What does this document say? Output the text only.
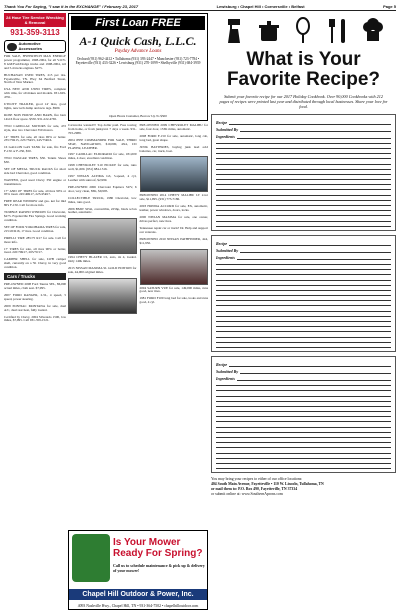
Thank You For Saying, "I saw it in the EXCHANGE" / February 23, 2017	Lewisburg • Chapel Hill • Cornersville • Belfast	Page 5
24 Hour Tire Service Wrecking & Removal
931-359-3113
Automotive Accessories
FOR SALE, HYPERTECH MAX ENERGY power programmer, 1998-2004, for all V-6/V-8 GM/Ford/Dodge trucks and 1998-2004, 4.6 and 5.4 trucks engines. $275.
BUCHANAN USED TIRES, 215 per tire. Fayetteville, TN. Hwy 64 Bedford Street, North of New Market.
USA NEW AND USED TIRES, complete with rims, for all makes and models. 931-629-4791.
UTILITY TRAILER, good 14' tires, good lights, new tech dump and new tags. $900.
ROSE NON HOUSE AND BARN, fire barn 14x16 floor space. $550. 931-222-4765.
TWO CADILLAC MOTORS for sale, 472 style, also two Chevrolet 350 motors.
14" TIRES for sale, all tires 90% or better. 235/75R15, 225/75R15, 245/75R16.
16 GALLON GAS TANK for sale, fits Ford F-150 or F-250, $50.
TWO NASCAR TIRES, $50. Tennis Shoes $30.
SET OF METAL TRUCK RACKS for short side bed Chevrolet, good condition.
WANTED, good used Chevy 350 engine or transmission.
17" AND 18" TIRES for sale, all tires 90% or 95% tread. 245/40R17, 225/45R17.
FREE REAR WINDOW and gas- ket for mid 80's F-150. Call for more info.
TUMBLE RAISED WINDOW for Chevrolet, $275. Fayetteville Fire Springs. Good working condition.
SET OF FOUR YOKOHAMA TIRES for sale, 215/45/R16, 17 tires. Good condition.
PIRELLI TIRE 285/75 R17 for sale. Call for more info.
17' TIRES for sale, all tires 90% or better, tread. 245/70R17, 265/70/17.
CAMPER SHELL for sale, LWB camper shell, currently on a '91 Chevy, in very good condition.
Cars / Trucks
PRE-OWNED 2008 Ford Taurus SEL, 86,000 actual miles, cloth seat. $7,995.
2007 FORD RANGER, 2.3L, 4 speed, 5 speed, power steering.
2009 PONTIAC MONTANA for sale, dual A/C, dual rear heat, fully loaded.
Certified by Chevy, 2004 Silverado 1500, low miles, $7,995. Call 931-359-1521.
First Loan FREE
A-1 Quick Cash, L.L.C.
Payday Advance Loans
Orchard (931) 962-4412 • Tullahoma (931) 393-2447 • Manchester (931) 723-7784 • Fayetteville (931) 433-3226 • Lewisburg (931) 270-1099 • Shelbyville (931) 684-3939
Open Hours Customer, Borrow Up To $500
Carwrecks wanted!!! Top dollar paid. Free towing from home, or from junkyard. 7 days a week. 931-703-2989.
2004 JEEP COMMANDER FOR SALE, THIRD SEAT, NAVIGATION, $10,000, 4X4, CD PLAYER, LEATHER.
1997 CADILLAC ELDORADO for sale, 181,000 miles, 4 door, excellent condition.
1998 CHEVROLET S10 PICKUP for sale, runs well, $1,600. (931) 684-1316.
1997 NISSAN ALTIMA GS, 5-speed, 4 cyl, Leather with sunroof, $2,999.
PRE-OWNED 2006 Chevrolet Equinox SUV, 6 door, very clean, 83K, $9,995.
COLLECTIBLE TRUCK, 1980 Chevrolet, low miles, runs good.
2006 BMW 325xi, convertible, 225hp, black w/tan leather, automatic.
1994 CHEVY BLAZER LS, auto, 4x 4, loaded. Only 140k miles.
2015 NISSAN MAXIMA SL GOLD EDITION for sale, 44,000 original miles.
PRE-OWNED 2009 CHEVROLET MALIBU for sale, four door, 133K miles, automatic.
2008 FORD F-150 for sale, automatic, long cab, long bed, great shape.
JUNK BATTERIES, buying junk lead acid batteries, car, truck, boat.
PREOWNED 2014 CHEVY MALIBU LT 2-lot sale, $11,995. (931) 773-7186.
2003 HONDA ACCORD for sale, EX, automatic, leather, power windows, doors, locks.
2000 NISSAN MAXIMA for sale, one owner, drives perfect, new tires.
Tennessee repair car or truck? Dr. Help and support our veterans.
PREOWNED 2010 NISSAN PATHFINDER, 4x4, $11,950.
2004 SATURN VUE for sale, 149,000 miles, runs good, new tires.
1981 FORD F100 long bed for sale, looks and runs good, 4 cyl.
Is Your Mower Ready For Spring?
Call us to schedule maintenance & pick up & delivery of your mower!
Chapel Hill Outdoor & Power, Inc.
4093 Nashville Hwy., Chapel Hill, TN • 931-364-7502 • chapelhilloutdoor.com
What is Your Favorite Recipe?
Submit your favorite recipe for our 2017 Holiday Cookbook. Over 90,000 Cookbooks with 212 pages of recipes were printed last year and distributed through local businesses. Share your love for food.
Recipe
Submitted By
Ingredients
Recipe
Submitted By
Ingredients
Recipe
Submitted By
Ingredients
You may bring your recipes to either of our office locations:
404 South Main Avenue, Fayetteville • 110 W. Lincoln, Tullahoma, TN
or mail them to: P.O. Box 490, Fayetteville, TN 37334
or submit online at: www.SouthernAprons.com
